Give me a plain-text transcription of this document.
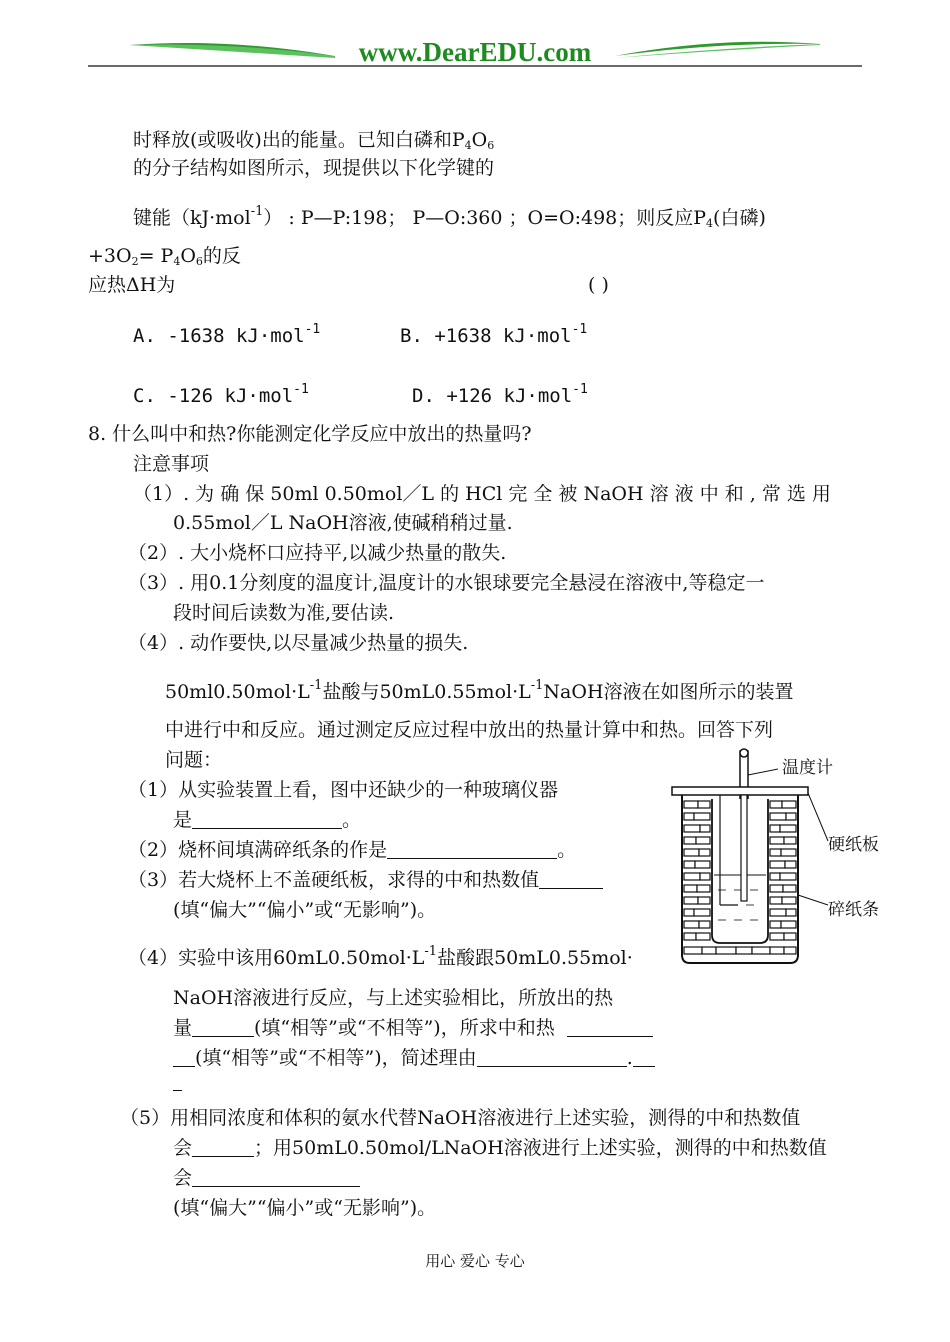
www.DearEDU.com
时释放(或吸收)出的能量。已知白磷和$P_4O_6$
的分子结构如图所示，现提供以下化学键的
键能（kJ·mol$^{-1}$） : P—P:198； P—O:360 ；O=O:498；则反应$P_4$(白磷)
$+3O_2= P_4O_6$的反
应热ΔH为	( )
A. -1638 kJ·mol$^{-1}$	B. +1638 kJ·mol$^{-1}$
C. -126 kJ·mol$^{-1}$	D. +126 kJ·mol$^{-1}$
8. 什么叫中和热?你能测定化学反应中放出的热量吗?
注意事项
（1）. 为 确 保 50ml 0.50mol／L 的 HCl 完 全 被 NaOH 溶 液 中 和 , 常 选 用
0.55mol／L NaOH溶液,使碱稍稍过量.
（2）. 大小烧杯口应持平,以减少热量的散失.
（3）. 用0.1分刻度的温度计,温度计的水银球要完全悬浸在溶液中,等稳定一
段时间后读数为准,要估读.
（4）. 动作要快,以尽量减少热量的损失.
$50ml0.50mol\cdot L^{-1}$盐酸与$50mL0.55mol\cdot L^{-1}NaOH$溶液在如图所示的装置
中进行中和反应。通过测定反应过程中放出的热量计算中和热。回答下列
问题：
（1）从实验装置上看，图中还缺少的一种玻璃仪器
是	。
（2）烧杯间填满碎纸条的作是	。
（3）若大烧杯上不盖硬纸板，求得的中和热数值
(填“偏大”“偏小”或“无影响”)。
（4）实验中该用$60mL0.50mol\cdot L^{-1}$盐酸跟50mL0.55mol·
NaOH溶液进行反应，与上述实验相比，所放出的热
量	(填“相等”或“不相等”)，所求中和热
(填“相等”或“不相等”)，简述理由	.
（5）用相同浓度和体积的氨水代替NaOH溶液进行上述实验，测得的中和热数值
会	；用50mL0.50mol/LNaOH溶液进行上述实验，测得的中和热数值
会
(填“偏大”“偏小”或“无影响”)。
温度计
硬纸板
碎纸条
用心 爱心 专心
